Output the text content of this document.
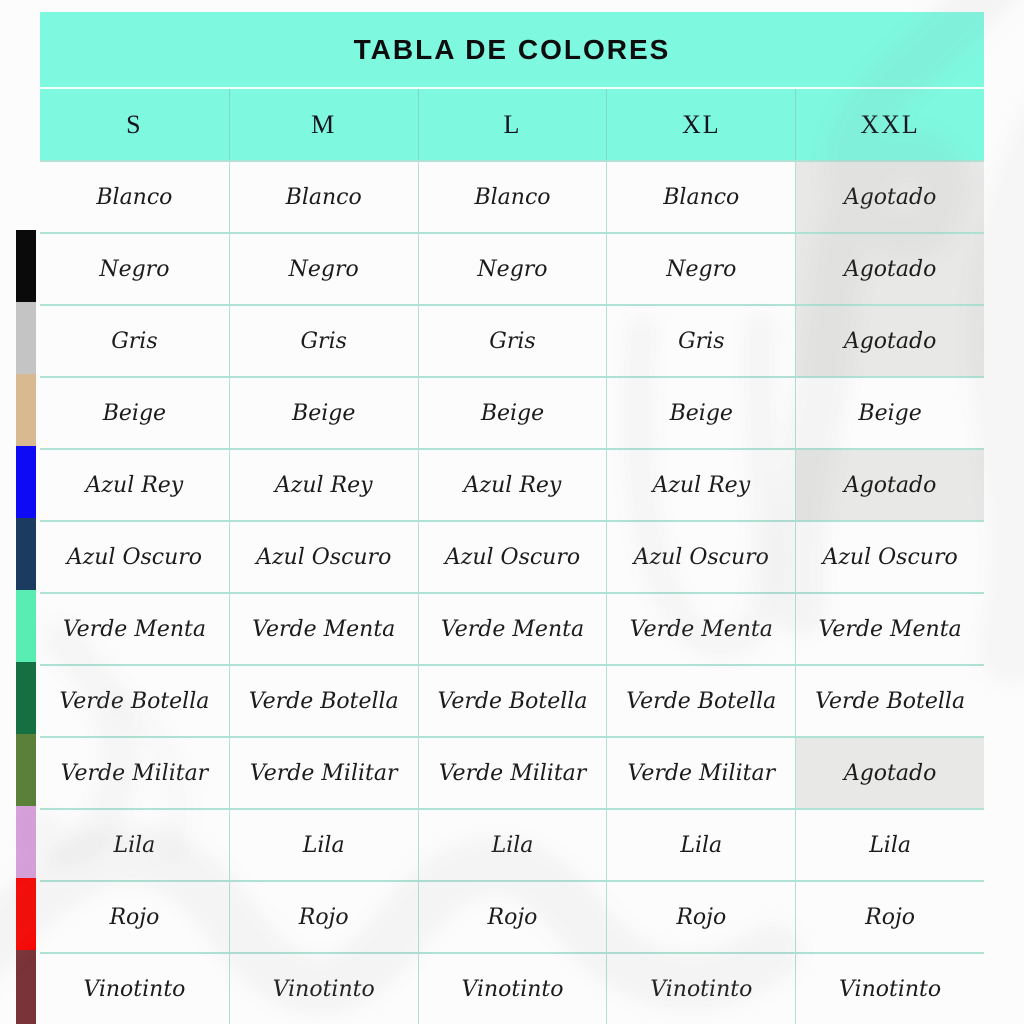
TABLA DE COLORES
S	M	L	XL	XXL
Blanco	Blanco	Blanco	Blanco	Agotado
Negro	Negro	Negro	Negro	Agotado
Gris	Gris	Gris	Gris	Agotado
Beige	Beige	Beige	Beige	Beige
Azul Rey	Azul Rey	Azul Rey	Azul Rey	Agotado
Azul Oscuro	Azul Oscuro	Azul Oscuro	Azul Oscuro	Azul Oscuro
Verde Menta	Verde Menta	Verde Menta	Verde Menta	Verde Menta
Verde Botella	Verde Botella	Verde Botella	Verde Botella	Verde Botella
Verde Militar	Verde Militar	Verde Militar	Verde Militar	Agotado
Lila	Lila	Lila	Lila	Lila
Rojo	Rojo	Rojo	Rojo	Rojo
Vinotinto	Vinotinto	Vinotinto	Vinotinto	Vinotinto
